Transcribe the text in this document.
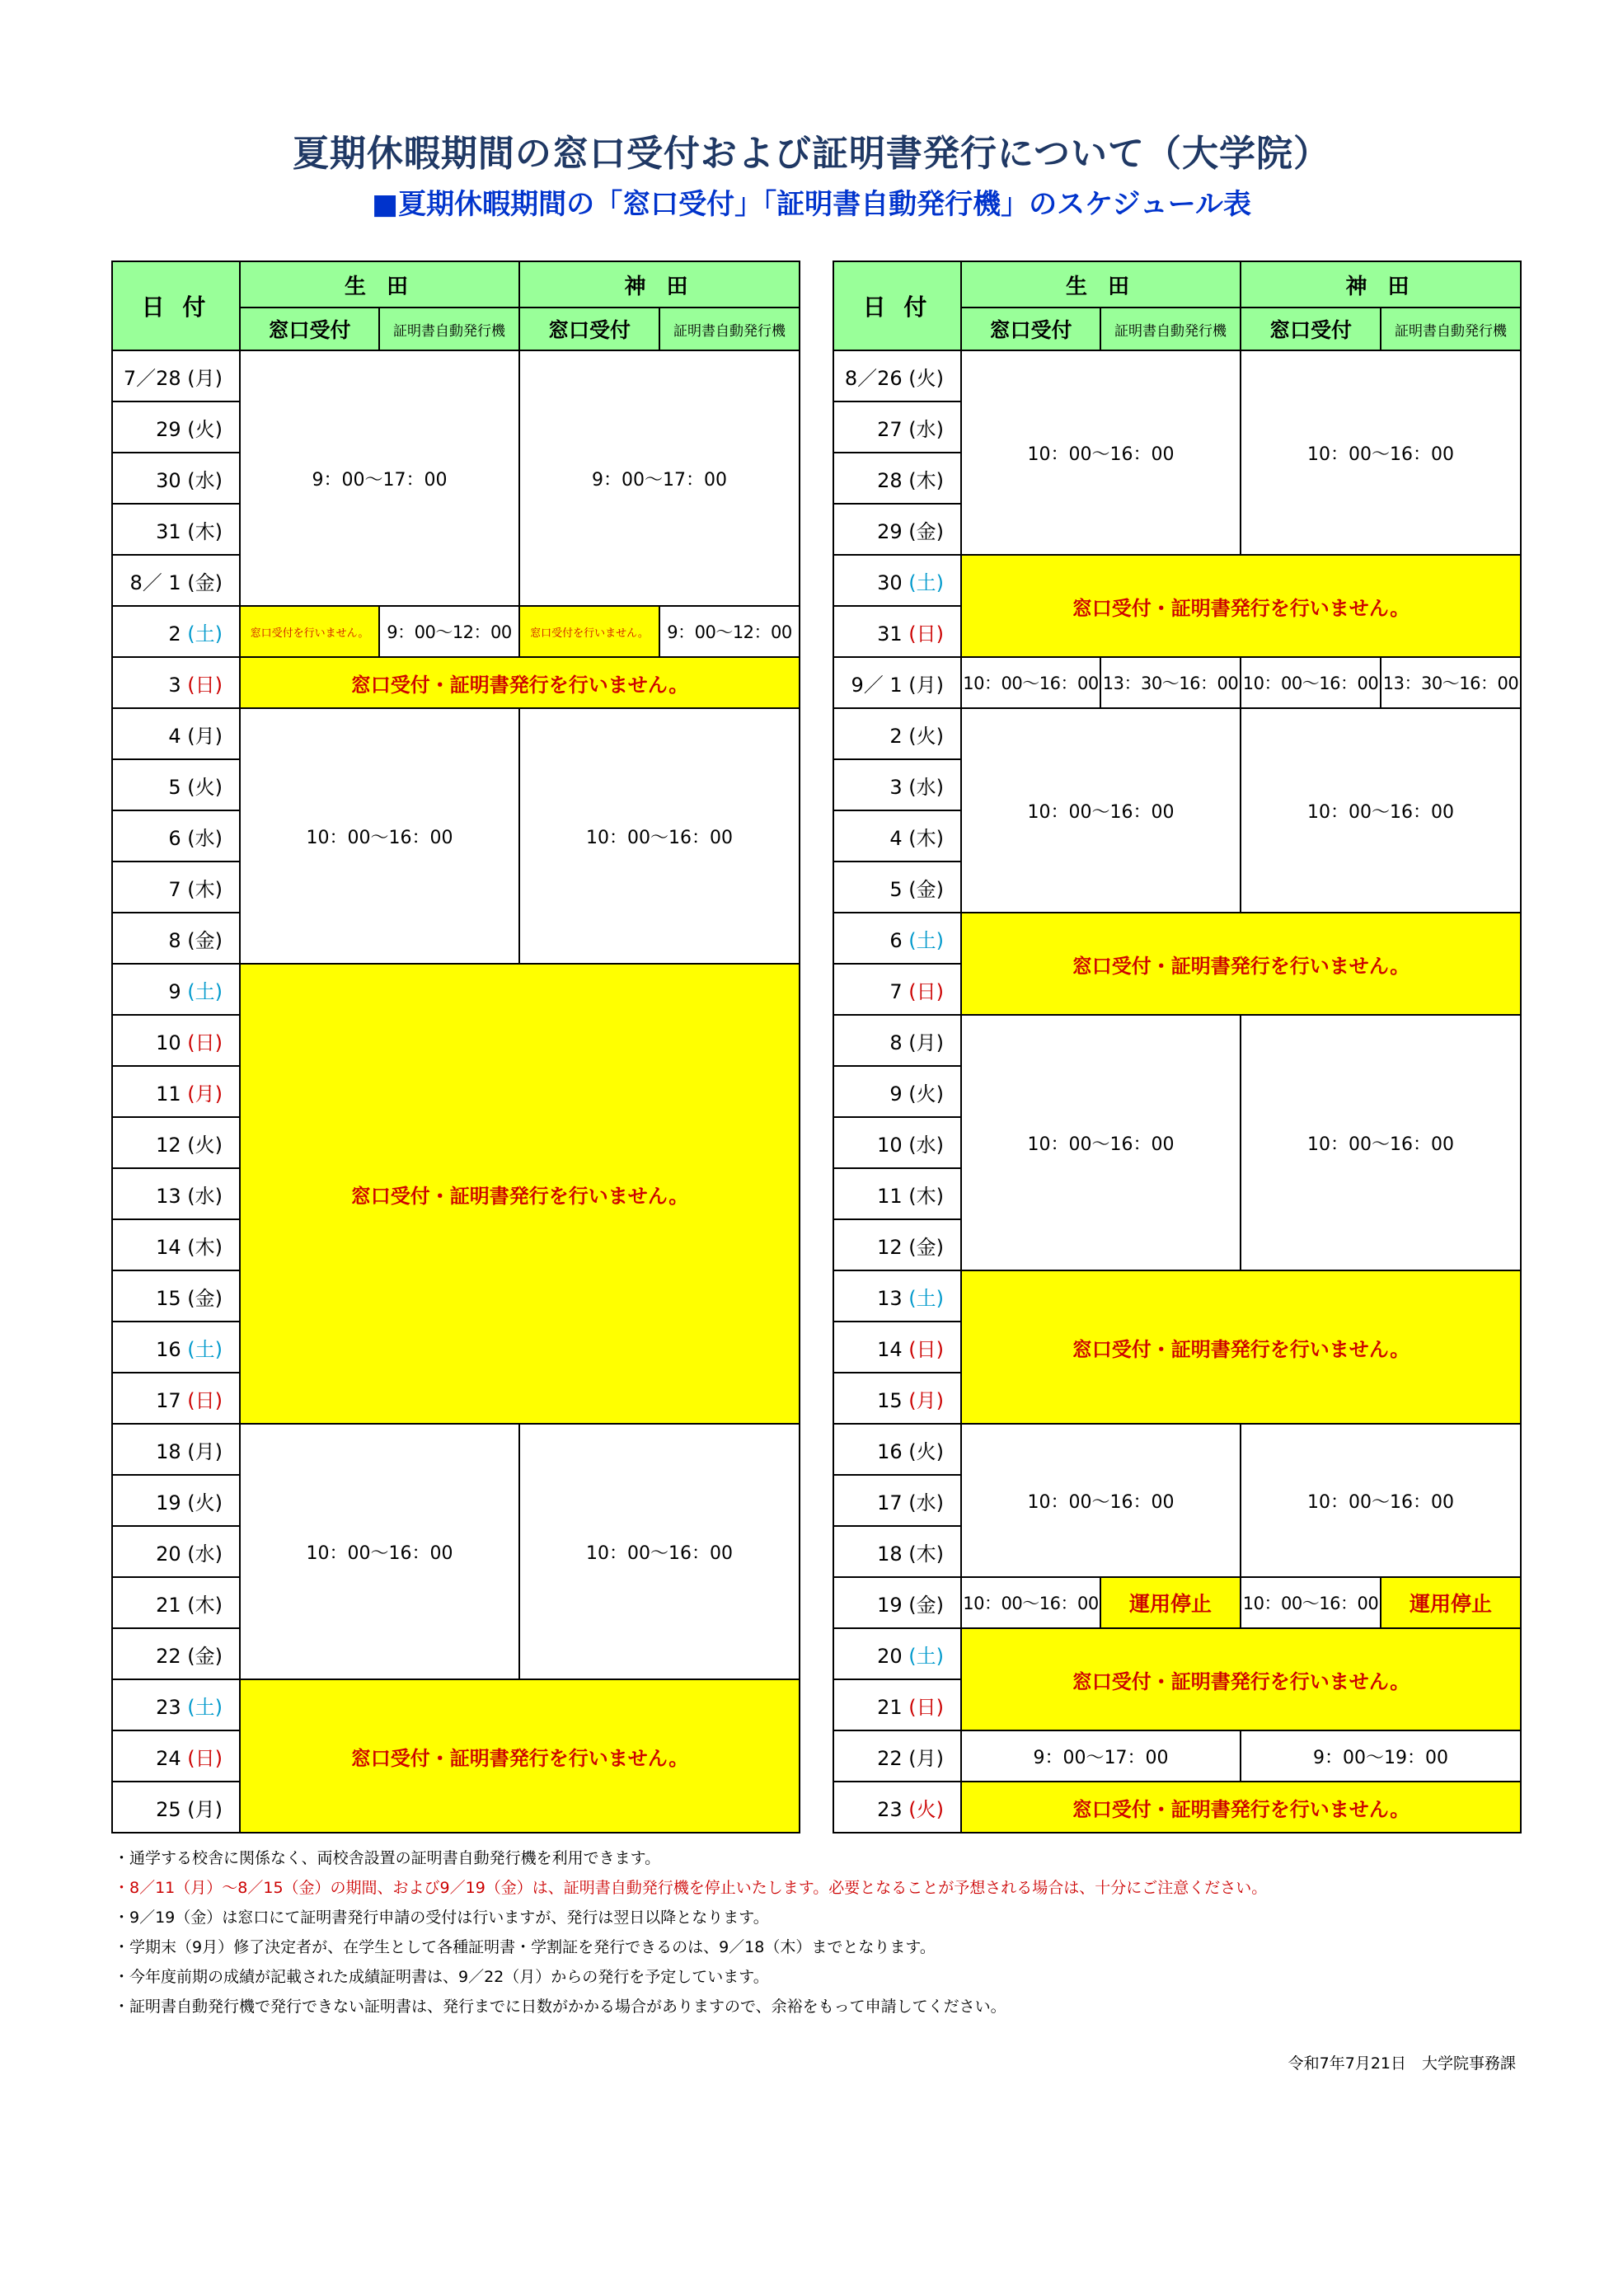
夏期休暇期間の窓口受付および証明書発行について（大学院）
■夏期休暇期間の「窓口受付」「証明書自動発行機」のスケジュール表
日 付	生 田		神 田	
	窓口受付	証明書自動発行機	窓口受付	証明書自動発行機
7／28 (月)	9：00～17：00		9：00～17：00	
29 (火)				
30 (水)				
31 (木)				
8／ 1 (金)				
2 (土)	窓口受付を行いません。	9：00～12：00	窓口受付を行いません。	9：00～12：00
3 (日)	窓口受付・証明書発行を行いません。			
4 (月)	10：00～16：00		10：00～16：00	
5 (火)				
6 (水)				
7 (木)				
8 (金)				
9 (土)	窓口受付・証明書発行を行いません。			
10 (日)				
11 (月)				
12 (火)				
13 (水)				
14 (木)				
15 (金)				
16 (土)				
17 (日)				
18 (月)	10：00～16：00		10：00～16：00	
19 (火)				
20 (水)				
21 (木)				
22 (金)				
23 (土)	窓口受付・証明書発行を行いません。			
24 (日)				
25 (月)				
日 付	生 田		神 田	
	窓口受付	証明書自動発行機	窓口受付	証明書自動発行機
8／26 (火)	10：00～16：00		10：00～16：00	
27 (水)				
28 (木)				
29 (金)				
30 (土)	窓口受付・証明書発行を行いません。			
31 (日)				
9／ 1 (月)	10：00～16：00	13：30～16：00	10：00～16：00	13：30～16：00
2 (火)	10：00～16：00		10：00～16：00	
3 (水)				
4 (木)				
5 (金)				
6 (土)	窓口受付・証明書発行を行いません。			
7 (日)				
8 (月)	10：00～16：00		10：00～16：00	
9 (火)				
10 (水)				
11 (木)				
12 (金)				
13 (土)	窓口受付・証明書発行を行いません。			
14 (日)				
15 (月)				
16 (火)	10：00～16：00		10：00～16：00	
17 (水)				
18 (木)				
19 (金)	10：00～16：00	運用停止	10：00～16：00	運用停止
20 (土)	窓口受付・証明書発行を行いません。			
21 (日)				
22 (月)	9：00～17：00		9：00～19：00	
23 (火)	窓口受付・証明書発行を行いません。			

・通学する校舎に関係なく、両校舎設置の証明書自動発行機を利用できます。

・8／11（月）～8／15（金）の期間、および9／19（金）は、証明書自動発行機を停止いたします。必要となることが予想される場合は、十分にご注意ください。

・9／19（金）は窓口にて証明書発行申請の受付は行いますが、発行は翌日以降となります。

・学期末（9月）修了決定者が、在学生として各種証明書・学割証を発行できるのは、9／18（木）までとなります。

・今年度前期の成績が記載された成績証明書は、9／22（月）からの発行を予定しています。

・証明書自動発行機で発行できない証明書は、発行までに日数がかかる場合がありますので、余裕をもって申請してください。

令和7年7月21日　大学院事務課
